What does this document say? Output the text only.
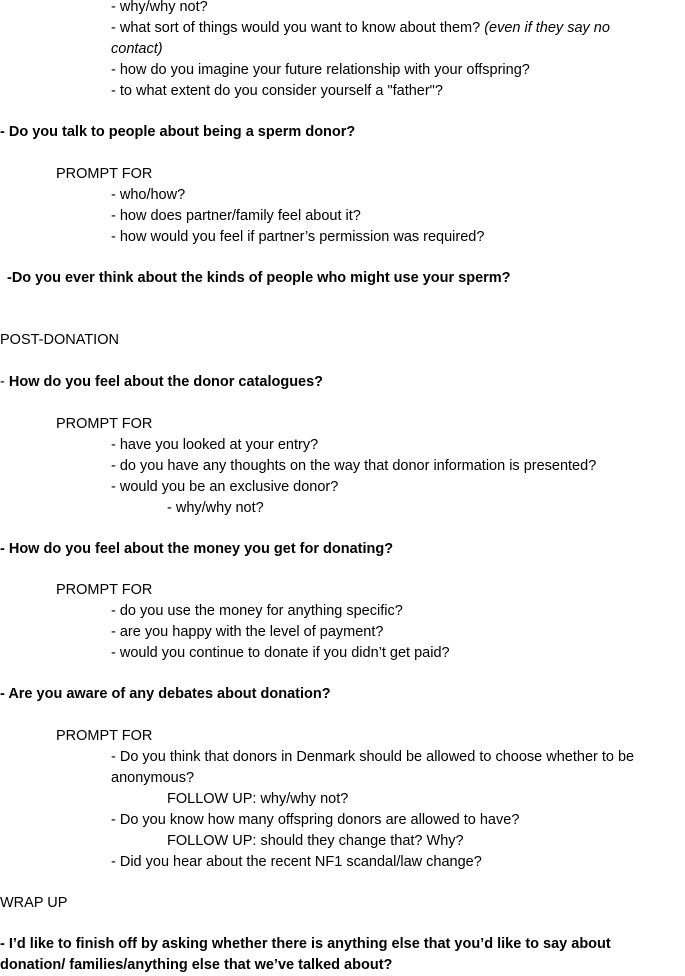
- why/why not?
- what sort of things would you want to know about them? (even if they say no
contact)
- how do you imagine your future relationship with your offspring?
- to what extent do you consider yourself a "father"?
- Do you talk to people about being a sperm donor?
PROMPT FOR
- who/how?
- how does partner/family feel about it?
- how would you feel if partner’s permission was required?
-Do you ever think about the kinds of people who might use your sperm?
POST-DONATION
- How do you feel about the donor catalogues?
PROMPT FOR
- have you looked at your entry?
- do you have any thoughts on the way that donor information is presented?
- would you be an exclusive donor?
- why/why not?
- How do you feel about the money you get for donating?
PROMPT FOR
- do you use the money for anything specific?
- are you happy with the level of payment?
- would you continue to donate if you didn’t get paid?
- Are you aware of any debates about donation?
PROMPT FOR
- Do you think that donors in Denmark should be allowed to choose whether to be
anonymous?
FOLLOW UP: why/why not?
- Do you know how many offspring donors are allowed to have?
FOLLOW UP: should they change that? Why?
- Did you hear about the recent NF1 scandal/law change?
WRAP UP
- I’d like to finish off by asking whether there is anything else that you’d like to say about
donation/ families/anything else that we’ve talked about?
